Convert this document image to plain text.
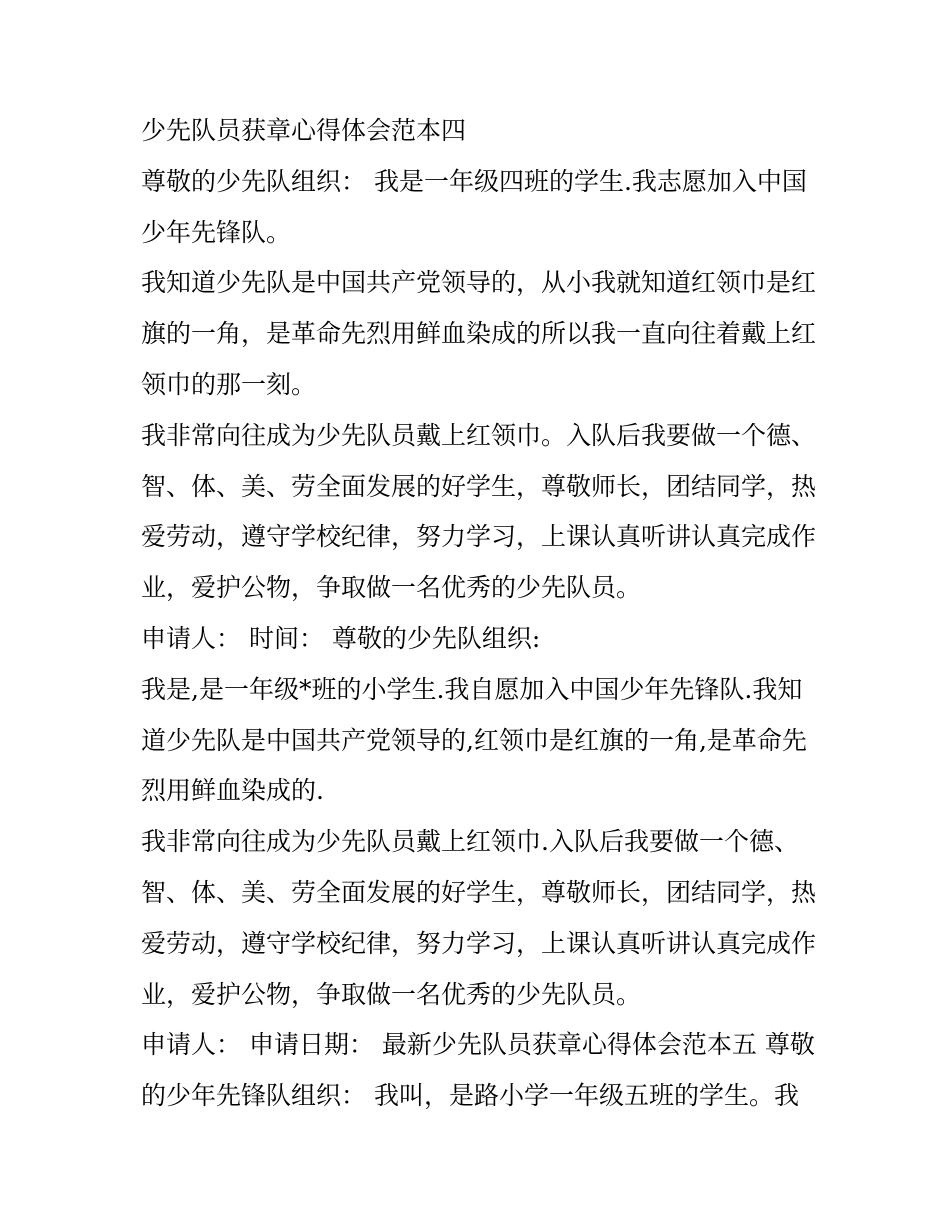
少先队员获章心得体会范本四
尊敬的少先队组织： 我是一年级四班的学生.我志愿加入中国
少年先锋队。
我知道少先队是中国共产党领导的，从小我就知道红领巾是红
旗的一角，是革命先烈用鲜血染成的所以我一直向往着戴上红
领巾的那一刻。
我非常向往成为少先队员戴上红领巾。入队后我要做一个德、
智、体、美、劳全面发展的好学生，尊敬师长，团结同学，热
爱劳动，遵守学校纪律，努力学习，上课认真听讲认真完成作
业，爱护公物，争取做一名优秀的少先队员。
申请人： 时间： 尊敬的少先队组织:
我是,是一年级*班的小学生.我自愿加入中国少年先锋队.我知
道少先队是中国共产党领导的,红领巾是红旗的一角,是革命先
烈用鲜血染成的.
我非常向往成为少先队员戴上红领巾.入队后我要做一个德、
智、体、美、劳全面发展的好学生，尊敬师长，团结同学，热
爱劳动，遵守学校纪律，努力学习，上课认真听讲认真完成作
业，爱护公物，争取做一名优秀的少先队员。
申请人： 申请日期： 最新少先队员获章心得体会范本五 尊敬
的少年先锋队组织： 我叫，是路小学一年级五班的学生。我
